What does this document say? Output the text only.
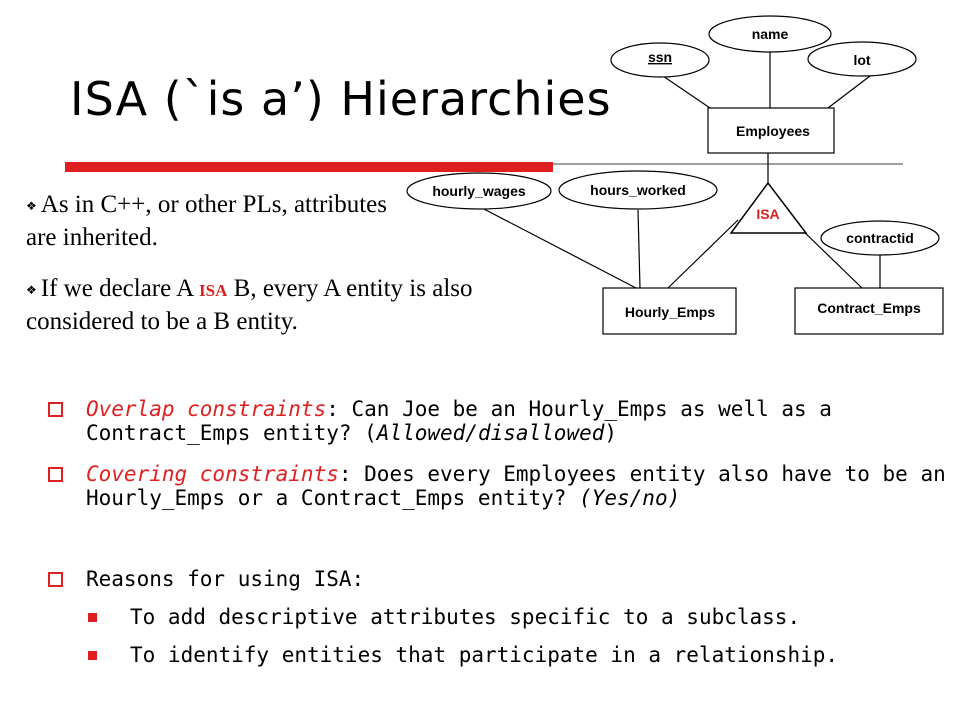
ISA (`is a’) Hierarchies
name
ssn	lot
Employees
ISA
hourly_wages	hours_worked
contractid
Hourly_Emps	Contract_Emps
❖ As in C++, or other PLs, attributes are inherited.
❖ If we declare A ISA B, every A entity is also considered to be a B entity.
Overlap constraints: Can Joe be an Hourly_Emps as well as a Contract_Emps entity? (Allowed/disallowed)
Covering constraints: Does every Employees entity also have to be an Hourly_Emps or a Contract_Emps entity? (Yes/no)
Reasons for using ISA:
To add descriptive attributes specific to a subclass.
To identify entities that participate in a relationship.
